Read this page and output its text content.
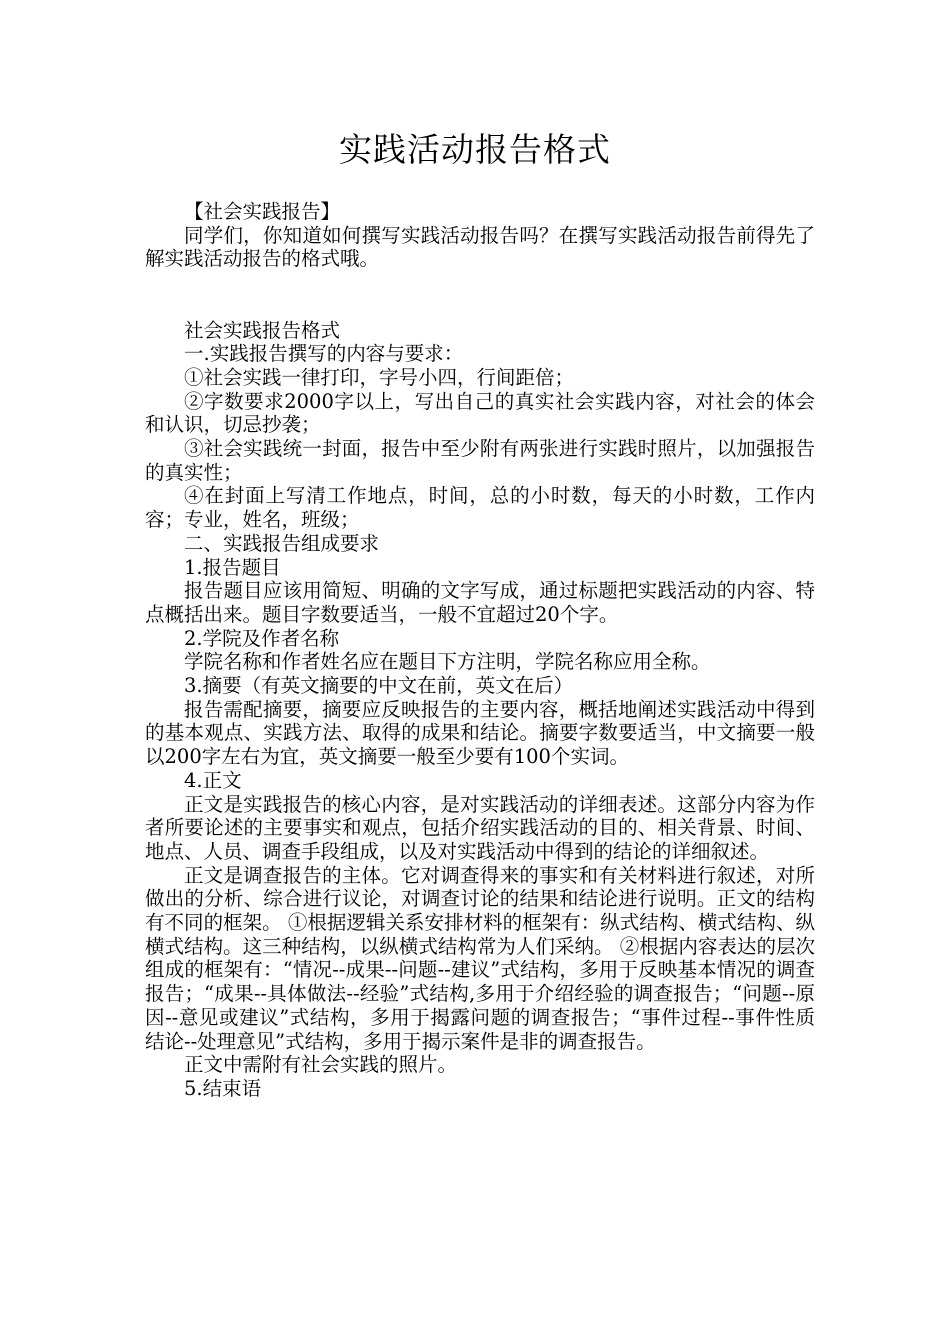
实践活动报告格式

【社会实践报告】

同学们，你知道如何撰写实践活动报告吗？在撰写实践活动报告前得先了解实践活动报告的格式哦。

社会实践报告格式

一.实践报告撰写的内容与要求：

①社会实践一律打印，字号小四，行间距倍；

②字数要求2000字以上，写出自己的真实社会实践内容，对社会的体会和认识，切忌抄袭；

③社会实践统一封面，报告中至少附有两张进行实践时照片，以加强报告的真实性；

④在封面上写清工作地点，时间，总的小时数，每天的小时数，工作内容；专业，姓名，班级；

二、实践报告组成要求

1.报告题目

报告题目应该用简短、明确的文字写成，通过标题把实践活动的内容、特点概括出来。题目字数要适当，一般不宜超过20个字。

2.学院及作者名称

学院名称和作者姓名应在题目下方注明，学院名称应用全称。

3.摘要（有英文摘要的中文在前，英文在后）

报告需配摘要，摘要应反映报告的主要内容，概括地阐述实践活动中得到的基本观点、实践方法、取得的成果和结论。摘要字数要适当，中文摘要一般以200字左右为宜，英文摘要一般至少要有100个实词。

4.正文

正文是实践报告的核心内容，是对实践活动的详细表述。这部分内容为作者所要论述的主要事实和观点，包括介绍实践活动的目的、相关背景、时间、地点、人员、调查手段组成，以及对实践活动中得到的结论的详细叙述。

正文是调查报告的主体。它对调查得来的事实和有关材料进行叙述，对所做出的分析、综合进行议论，对调查讨论的结果和结论进行说明。正文的结构有不同的框架。 ①根据逻辑关系安排材料的框架有：纵式结构、横式结构、纵横式结构。这三种结构，以纵横式结构常为人们采纳。 ②根据内容表达的层次组成的框架有：“情况--成果--问题--建议”式结构，多用于反映基本情况的调查报告；“成果--具体做法--经验”式结构,多用于介绍经验的调查报告；“问题--原因--意见或建议”式结构，多用于揭露问题的调查报告；“事件过程--事件性质结论--处理意见”式结构，多用于揭示案件是非的调查报告。

正文中需附有社会实践的照片。

5.结束语
